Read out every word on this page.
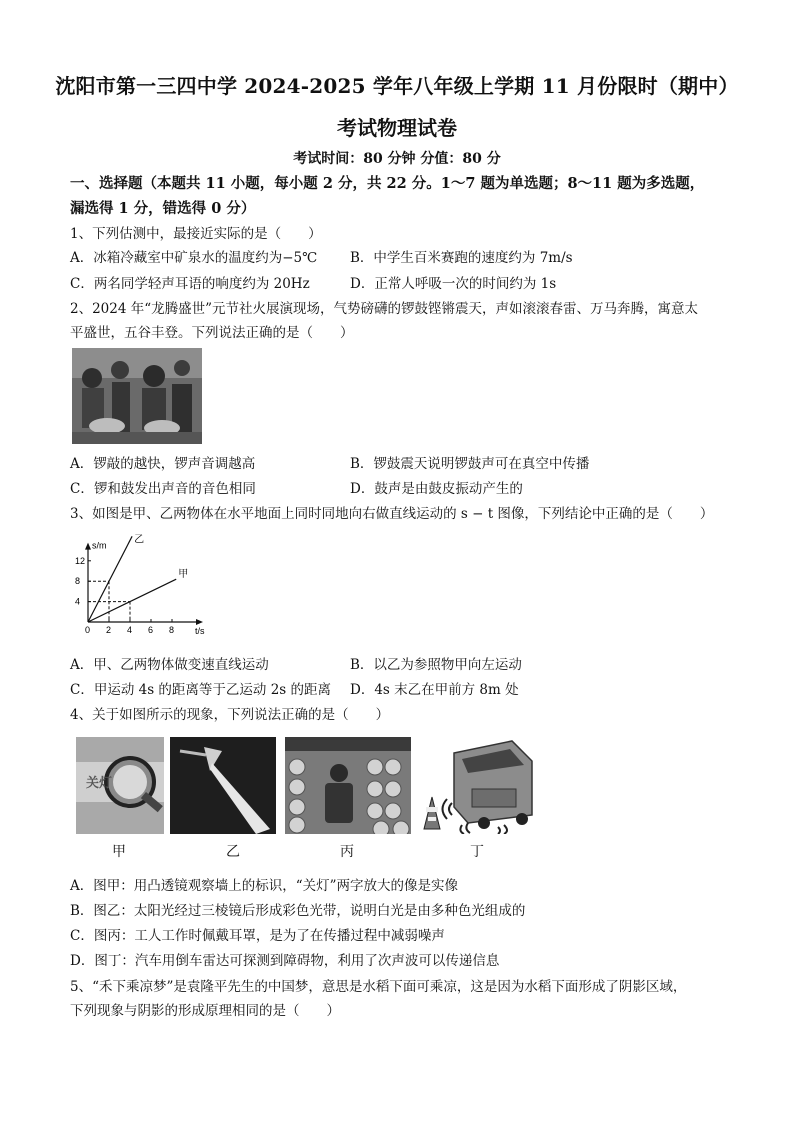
沈阳市第一三四中学 2024-2025 学年八年级上学期 11 月份限时（期中）
考试物理试卷
考试时间：80 分钟 分值：80 分
一、选择题（本题共 11 小题，每小题 2 分，共 22 分。1～7 题为单选题；8～11 题为多选题，
漏选得 1 分，错选得 0 分）
1、下列估测中，最接近实际的是（　　）
A．冰箱冷藏室中矿泉水的温度约为−5℃ B．中学生百米赛跑的速度约为 7m/s
C．两名同学轻声耳语的响度约为 20Hz	D．正常人呼吸一次的时间约为 1s
2、2024 年“龙腾盛世”元节社火展演现场，气势磅礴的锣鼓铿锵震天，声如滚滚春雷、万马奔腾，寓意太
平盛世，五谷丰登。下列说法正确的是（　　）
A．锣敲的越快，锣声音调越高	B．锣鼓震天说明锣鼓声可在真空中传播
C．锣和鼓发出声音的音色相同	D．鼓声是由鼓皮振动产生的
3、如图是甲、乙两物体在水平地面上同时同地向右做直线运动的 s − t 图像，下列结论中正确的是（　　）
s/m
t/s
0 2 4 6 8
4
8
12
乙
甲
A．甲、乙两物体做变速直线运动	B．以乙为参照物甲向左运动
C．甲运动 4s 的距离等于乙运动 2s 的距离 D．4s 末乙在甲前方 8m 处
4、关于如图所示的现象，下列说法正确的是（　　）
关灯
甲	乙	丙	丁
A．图甲：用凸透镜观察墙上的标识，“关灯”两字放大的像是实像
B．图乙：太阳光经过三棱镜后形成彩色光带，说明白光是由多种色光组成的
C．图丙：工人工作时佩戴耳罩，是为了在传播过程中减弱噪声
D．图丁：汽车用倒车雷达可探测到障碍物，利用了次声波可以传递信息
5、“禾下乘凉梦”是袁隆平先生的中国梦，意思是水稻下面可乘凉，这是因为水稻下面形成了阴影区域，
下列现象与阴影的形成原理相同的是（　　）
